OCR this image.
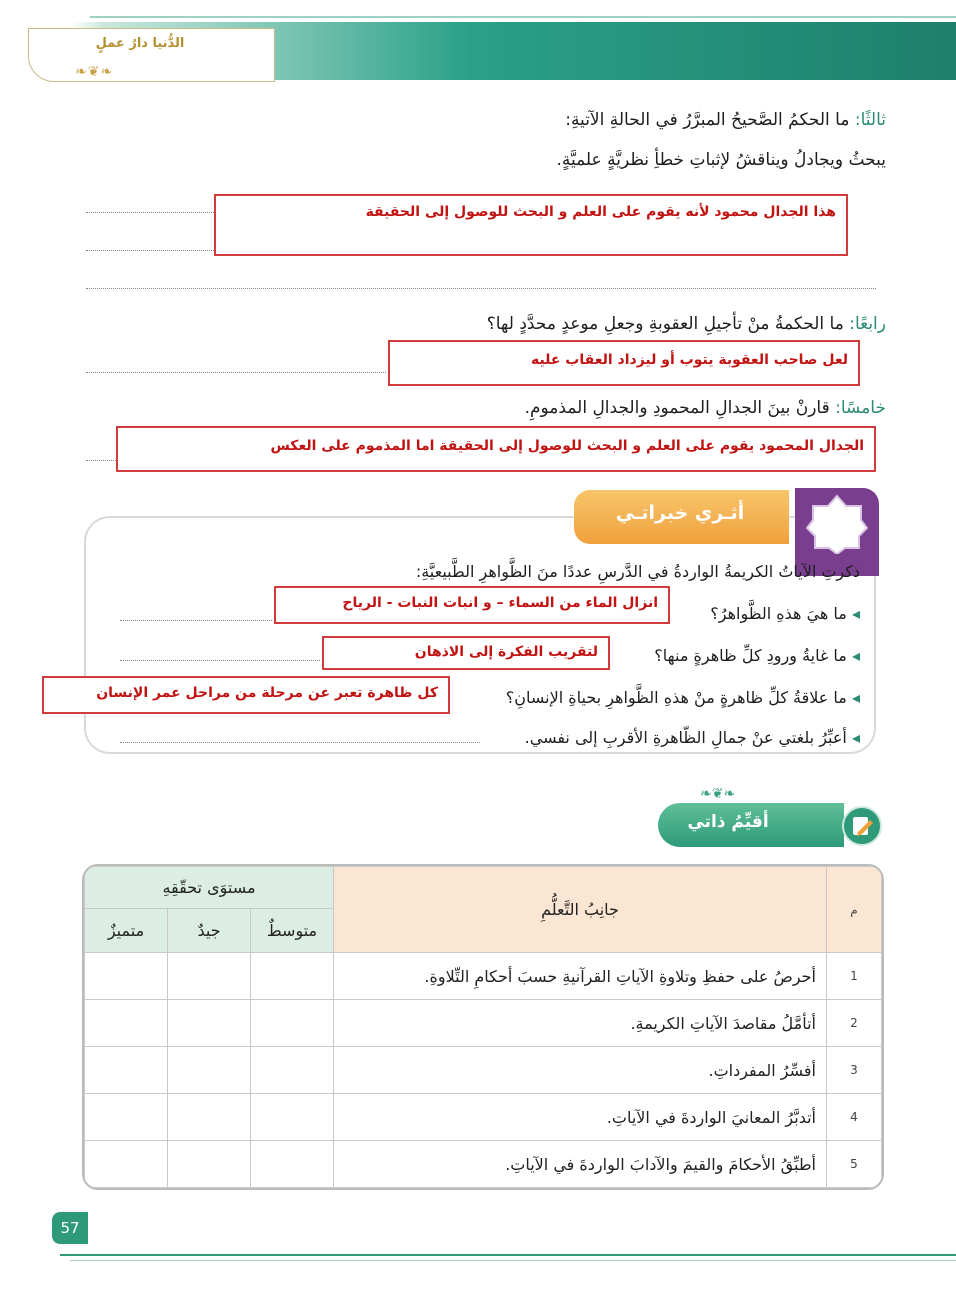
الدُّنيا دارُ عملٍ
❧❦❧
ثالثًا: ما الحكمُ الصَّحيحُ المبرَّرُ في الحالةِ الآتيةِ:
يبحثُ ويجادلُ ويناقشُ لإثباتِ خطأِ نظريَّةٍ علميَّةٍ.
هذا الجدال محمود لأنه يقوم على العلم و البحث للوصول إلى الحقيقة
رابعًا: ما الحكمةُ منْ تأجيلِ العقوبةِ وجعلِ موعدٍ محدَّدٍ لها؟
لعل صاحب العقوبة يتوب أو ليزداد العقاب عليه
خامسًا: قارنْ بينَ الجدالِ المحمودِ والجدالِ المذمومِ.
الجدال المحمود يقوم على العلم و البحث للوصول إلى الحقيقة اما المذموم على العكس
أثـري خبراتـي
ذكرتِ الآياتُ الكريمةُ الواردةُ في الدَّرسِ عددًا منَ الظَّواهرِ الطَّبيعيَّةِ:
◂ ما هيَ هذهِ الظَّواهرُ؟
انزال الماء من السماء – و انبات النبات - الرياح
◂ ما غايةُ ورودِ كلِّ ظاهرةٍ منها؟
لتقريب الفكرة إلى الاذهان
◂ ما علاقةُ كلِّ ظاهرةٍ منْ هذهِ الظَّواهرِ بحياةِ الإنسانِ؟
كل ظاهرة تعبر عن مرحلة من مراحل عمر الإنسان
◂ أعبِّرُ بلغتي عنْ جمالِ الظّاهرةِ الأقربِ إلى نفسي.
❧❦❧
أقيِّمُ ذاتي
م	جانِبُ التَّعلُّمِ	مستوَى تحقّقِهِ		
		متوسطٌ	جيدٌ	متميزٌ
1	أحرصُ على حفظِ وتلاوةِ الآياتِ القرآنيةِ حسبَ أحكامِ التِّلاوةِ.			
2	أتأمَّلُ مقاصدَ الآياتِ الكريمةِ.			
3	أفسِّرُ المفرداتِ.			
4	أتدبَّرُ المعانيَ الواردةَ في الآياتِ.			
5	أطبِّقُ الأحكامَ والقيمَ والآدابَ الواردةَ في الآياتِ.			
57
